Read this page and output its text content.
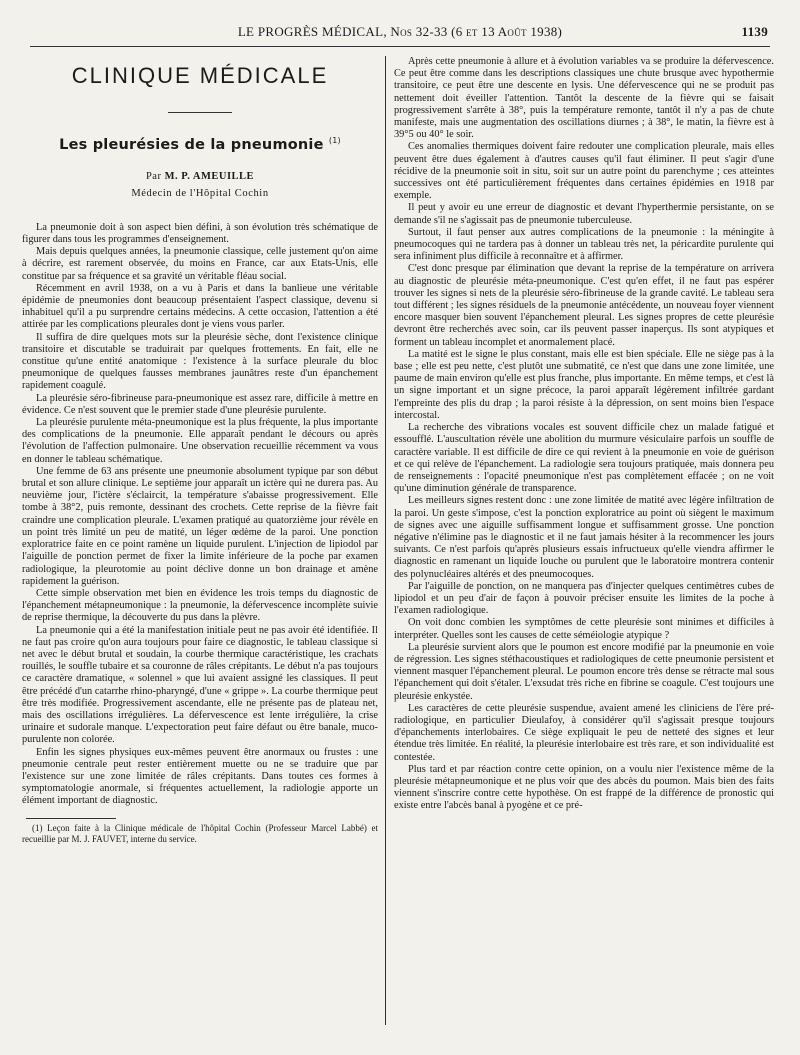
LE PROGRÈS MÉDICAL, Nos 32-33 (6 et 13 Août 1938)	1139
CLINIQUE MÉDICALE
Les pleurésies de la pneumonie $^{(1)}$
Par M. P. AMEUILLE
Médecin de l'Hôpital Cochin

La pneumonie doit à son aspect bien défini, à son évolution très schématique de figurer dans tous les programmes d'enseignement.

Mais depuis quelques années, la pneumonie classique, celle justement qu'on aime à décrire, est rarement observée, du moins en France, car aux Etats-Unis, elle constitue par sa fréquence et sa gravité un véritable fléau social.

Récemment en avril 1938, on a vu à Paris et dans la banlieue une véritable épidémie de pneumonies dont beaucoup présentaient l'aspect classique, devenu si inhabituel qu'il a pu surprendre certains médecins. A cette occasion, l'attention a été attirée par les complications pleurales dont je viens vous parler.

Il suffira de dire quelques mots sur la pleurésie sèche, dont l'existence clinique transitoire et discutable se traduirait par quelques frottements. En fait, elle ne constitue qu'une entité anatomique : l'existence à la surface pleurale du bloc pneumonique de quelques fausses membranes jaunâtres reste d'un épanchement rapidement coagulé.

La pleurésie séro-fibrineuse para-pneumonique est assez rare, difficile à mettre en évidence. Ce n'est souvent que le premier stade d'une pleurésie purulente.

La pleurésie purulente méta-pneumonique est la plus fréquente, la plus importante des complications de la pneumonie. Elle apparaît pendant le décours ou après l'évolution de l'affection pulmonaire. Une observation recueillie récemment va vous en donner le tableau schématique.

Une femme de 63 ans présente une pneumonie absolument typique par son début brutal et son allure clinique. Le septième jour apparaît un ictère qui ne durera pas. Au neuvième jour, l'ictère s'éclaircit, la température s'abaisse progressivement. Elle tombe à 38°2, puis remonte, dessinant des crochets. Cette reprise de la fièvre fait craindre une complication pleurale. L'examen pratiqué au quatorzième jour révèle en un point très limité un peu de matité, un léger œdème de la paroi. Une ponction exploratrice faite en ce point ramène un liquide purulent. L'injection de lipiodol par l'aiguille de ponction permet de fixer la limite inférieure de la poche par examen radiologique, la pleurotomie au point déclive donne un bon drainage et amène rapidement la guérison.

Cette simple observation met bien en évidence les trois temps du diagnostic de l'épanchement métapneumonique : la pneumonie, la défervescence incomplète suivie de reprise thermique, la découverte du pus dans la plèvre.

La pneumonie qui a été la manifestation initiale peut ne pas avoir été identifiée. Il ne faut pas croire qu'on aura toujours pour faire ce diagnostic, le tableau classique si net avec le début brutal et soudain, la courbe thermique caractéristique, les crachats rouillés, le souffle tubaire et sa couronne de râles crépitants. Le début n'a pas toujours ce caractère dramatique, « solennel » que lui avaient assigné les classiques. Il peut être précédé d'un catarrhe rhino-pharyngé, d'une « grippe ». La courbe thermique peut être très modifiée. Progressivement ascendante, elle ne présente pas de plateau net, mais des oscillations irrégulières. La défervescence est lente irrégulière, la crise urinaire et sudorale manque. L'expectoration peut faire défaut ou être banale, muco-purulente non colorée.

Enfin les signes physiques eux-mêmes peuvent être anormaux ou frustes : une pneumonie centrale peut rester entièrement muette ou ne se traduire que par l'existence sur une zone limitée de râles crépitants. Dans toutes ces formes à symptomatologie anormale, si fréquentes actuellement, la radiologie apporte un élément important de diagnostic.

(1) Leçon faite à la Clinique médicale de l'hôpital Cochin (Professeur Marcel Labbé) et recueillie par M. J. FAUVET, interne du service.

Après cette pneumonie à allure et à évolution variables va se produire la défervescence. Ce peut être comme dans les descriptions classiques une chute brusque avec hypothermie transitoire, ce peut être une descente en lysis. Une défervescence qui ne se produit pas nettement doit éveiller l'attention. Tantôt la descente de la fièvre qui se faisait progressivement s'arrête à 38°, puis la température remonte, tantôt il n'y a pas de chute manifeste, mais une augmentation des oscillations diurnes ; à 38°, le matin, la fièvre est à 39°5 ou 40° le soir.

Ces anomalies thermiques doivent faire redouter une complication pleurale, mais elles peuvent être dues également à d'autres causes qu'il faut éliminer. Il peut s'agir d'une récidive de la pneumonie soit in situ, soit sur un autre point du parenchyme ; ces atteintes successives ont été particulièrement fréquentes dans certaines épidémies en 1918 par exemple.

Il peut y avoir eu une erreur de diagnostic et devant l'hyperthermie persistante, on se demande s'il ne s'agissait pas de pneumonie tuberculeuse.

Surtout, il faut penser aux autres complications de la pneumonie : la méningite à pneumocoques qui ne tardera pas à donner un tableau très net, la péricardite purulente qui sera infiniment plus difficile à reconnaître et à affirmer.

C'est donc presque par élimination que devant la reprise de la température on arrivera au diagnostic de pleurésie méta-pneumonique. C'est qu'en effet, il ne faut pas espérer trouver les signes si nets de la pleurésie séro-fibrineuse de la grande cavité. Le tableau sera tout différent ; les signes résiduels de la pneumonie antécédente, un nouveau foyer viennent encore masquer bien souvent l'épanchement pleural. Les signes propres de cette pleurésie devront être recherchés avec soin, car ils peuvent passer inaperçus. Ils sont atypiques et forment un tableau incomplet et anormalement placé.

La matité est le signe le plus constant, mais elle est bien spéciale. Elle ne siège pas à la base ; elle est peu nette, c'est plutôt une submatité, ce n'est que dans une zone limitée, une paume de main environ qu'elle est plus franche, plus importante. En même temps, et c'est là un signe important et un signe précoce, la paroi apparaît légèrement infiltrée gardant l'empreinte des plis du drap ; la paroi résiste à la dépression, on sent moins bien l'espace intercostal.

La recherche des vibrations vocales est souvent difficile chez un malade fatigué et essoufflé. L'auscultation révèle une abolition du murmure vésiculaire parfois un souffle de caractère variable. Il est difficile de dire ce qui revient à la pneumonie en voie de guérison et ce qui relève de l'épanchement. La radiologie sera toujours pratiquée, mais donnera peu de renseignements : l'opacité pneumonique n'est pas complètement effacée ; on ne voit qu'une diminution générale de transparence.

Les meilleurs signes restent donc : une zone limitée de matité avec légère infiltration de la paroi. Un geste s'impose, c'est la ponction exploratrice au point où siègent le maximum de signes avec une aiguille suffisamment longue et suffisamment grosse. Une ponction négative n'élimine pas le diagnostic et il ne faut jamais hésiter à la recommencer les jours suivants. Ce n'est parfois qu'après plusieurs essais infructueux qu'elle viendra affirmer le diagnostic en ramenant un liquide louche ou purulent que le laboratoire montrera contenir des polynucléaires altérés et des pneumocoques.

Par l'aiguille de ponction, on ne manquera pas d'injecter quelques centimètres cubes de lipiodol et un peu d'air de façon à pouvoir préciser ensuite les limites de la poche à l'examen radiologique.

On voit donc combien les symptômes de cette pleurésie sont minimes et difficiles à interpréter. Quelles sont les causes de cette séméiologie atypique ?

La pleurésie survient alors que le poumon est encore modifié par la pneumonie en voie de régression. Les signes stéthacoustiques et radiologiques de cette pneumonie persistent et viennent masquer l'épanchement pleural. Le poumon encore très dense se rétracte mal sous l'épanchement qui doit s'étaler. L'exsudat très riche en fibrine se coagule. C'est toujours une pleurésie enkystée.

Les caractères de cette pleurésie suspendue, avaient amené les cliniciens de l'ère pré-radiologique, en particulier Dieulafoy, à considérer qu'il s'agissait presque toujours d'épanchements interlobaires. Ce siège expliquait le peu de netteté des signes et leur étendue très limitée. En réalité, la pleurésie interlobaire est très rare, et son individualité est contestée.

Plus tard et par réaction contre cette opinion, on a voulu nier l'existence même de la pleurésie métapneumonique et ne plus voir que des abcès du poumon. Mais bien des faits viennent s'inscrire contre cette hypothèse. On est frappé de la différence de pronostic qui existe entre l'abcès banal à pyogène et ce pré-
